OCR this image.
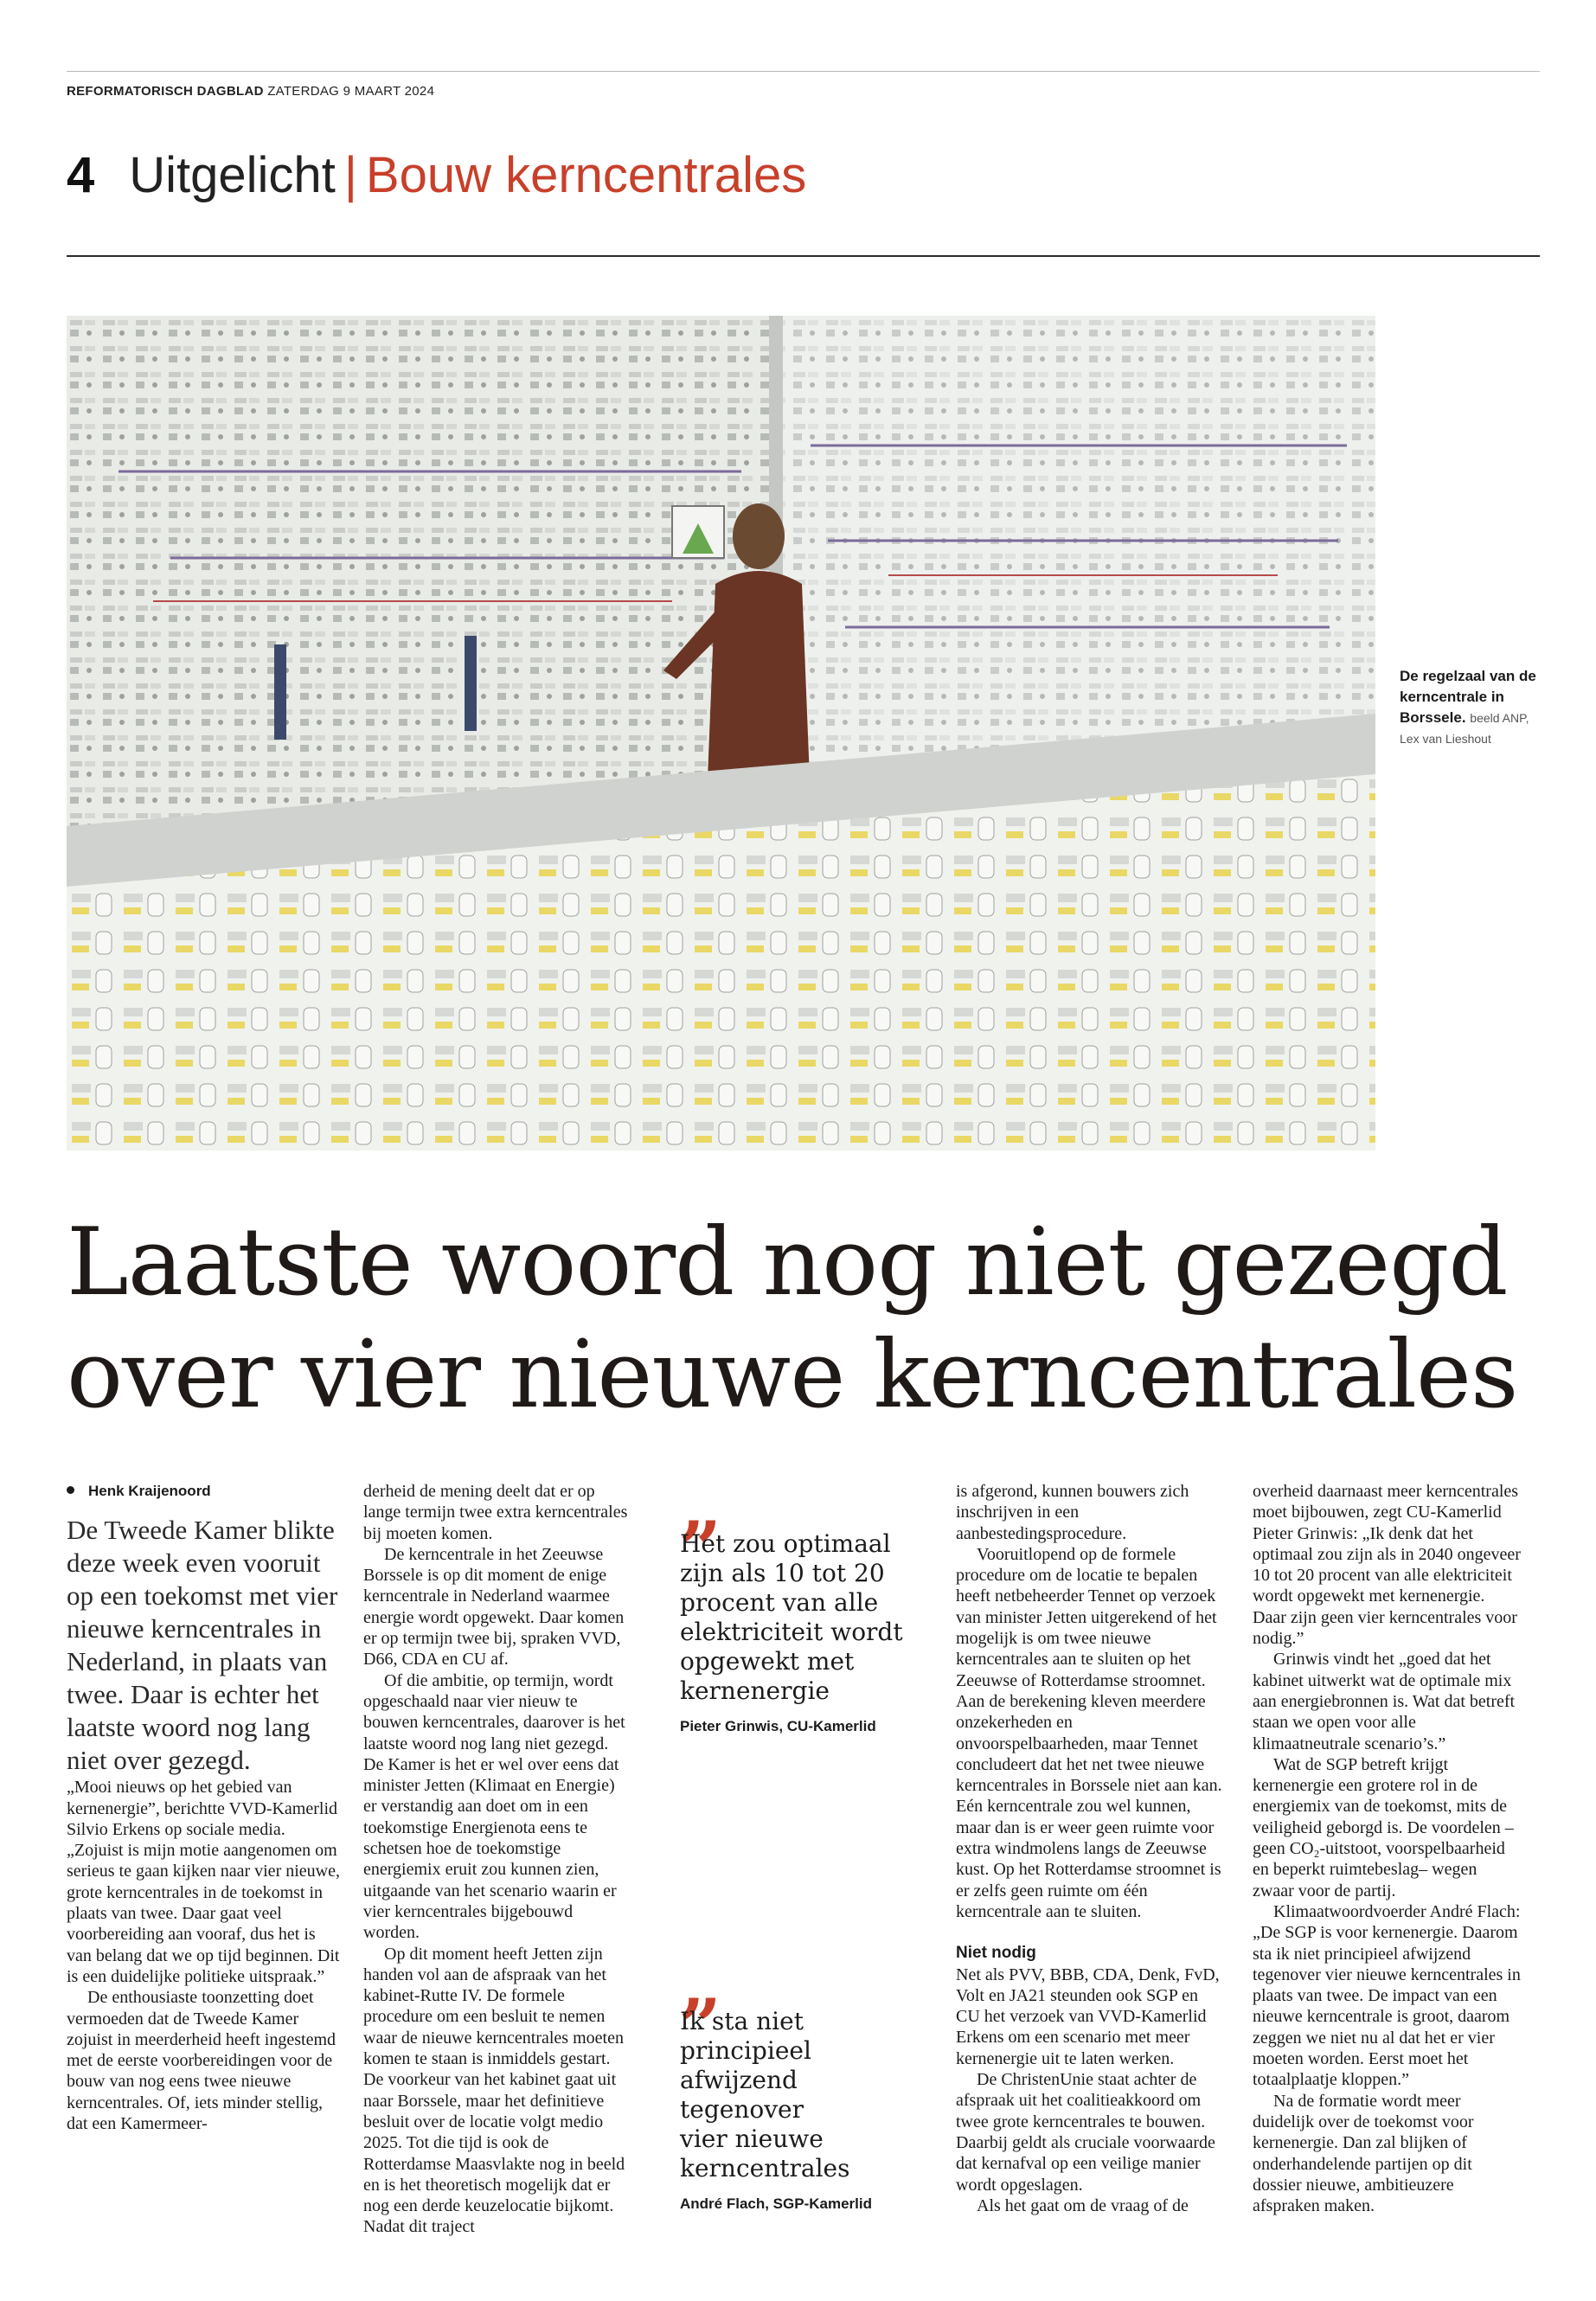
REFORMATORISCH DAGBLAD ZATERDAG 9 MAART 2024
4 Uitgelicht | Bouw kerncentrales
De regelzaal van de kerncentrale in Borssele. beeld ANP, Lex van Lieshout
Laatste woord nog niet gezegd
over vier nieuwe kerncentrales
Henk Kraijenoord

De Tweede Kamer blikte deze week even vooruit op een toekomst met vier nieuwe kerncentrales in Nederland, in plaats van twee. Daar is echter het laatste woord nog lang niet over gezegd.

„Mooi nieuws op het gebied van kernenergie”, berichtte VVD-Kamerlid Silvio Erkens op sociale media. „Zojuist is mijn motie aangenomen om serieus te gaan kijken naar vier nieuwe, grote kerncentrales in de toekomst in plaats van twee. Daar gaat veel voorbereiding aan vooraf, dus het is van belang dat we op tijd beginnen. Dit is een duidelijke politieke uitspraak.”

De enthousiaste toonzetting doet vermoeden dat de Tweede Kamer zojuist in meerderheid heeft ingestemd met de eerste voorbereidingen voor de bouw van nog eens twee nieuwe kerncentrales. Of, iets minder stellig, dat een Kamermeer-

derheid de mening deelt dat er op lange termijn twee extra kerncentrales bij moeten komen.

De kerncentrale in het Zeeuwse Borssele is op dit moment de enige kerncentrale in Nederland waarmee energie wordt opgewekt. Daar komen er op termijn twee bij, spraken VVD, D66, CDA en CU af.

Of die ambitie, op termijn, wordt opgeschaald naar vier nieuw te bouwen kerncentrales, daarover is het laatste woord nog lang niet gezegd. De Kamer is het er wel over eens dat minister Jetten (Klimaat en Energie) er verstandig aan doet om in een toekomstige Energienota eens te schetsen hoe de toekomstige energiemix eruit zou kunnen zien, uitgaande van het scenario waarin er vier kerncentrales bijgebouwd worden.

Op dit moment heeft Jetten zijn handen vol aan de afspraak van het kabinet-Rutte IV. De formele procedure om een besluit te nemen waar de nieuwe kerncentrales moeten komen te staan is inmiddels gestart. De voorkeur van het kabinet gaat uit naar Borssele, maar het definitieve besluit over de locatie volgt medio 2025. Tot die tijd is ook de Rotterdamse Maasvlakte nog in beeld en is het theoretisch mogelijk dat er nog een derde keuzelocatie bijkomt. Nadat dit traject

„
Het zou optimaal zijn als 10 tot 20 procent van alle elektriciteit wordt opgewekt met kernenergie
Pieter Grinwis, CU-Kamerlid
„
Ik sta niet principieel afwijzend tegenover vier nieuwe kerncentrales
André Flach, SGP-Kamerlid

is afgerond, kunnen bouwers zich inschrijven in een aanbestedingsprocedure.

Vooruitlopend op de formele procedure om de locatie te bepalen heeft netbeheerder Tennet op verzoek van minister Jetten uitgerekend of het mogelijk is om twee nieuwe kerncentrales aan te sluiten op het Zeeuwse of Rotterdamse stroomnet. Aan de berekening kleven meerdere onzekerheden en onvoorspelbaarheden, maar Tennet concludeert dat het net twee nieuwe kerncentrales in Borssele niet aan kan. Eén kerncentrale zou wel kunnen, maar dan is er weer geen ruimte voor extra windmolens langs de Zeeuwse kust. Op het Rotterdamse stroomnet is er zelfs geen ruimte om één kerncentrale aan te sluiten.

Niet nodig

Net als PVV, BBB, CDA, Denk, FvD, Volt en JA21 steunden ook SGP en CU het verzoek van VVD-Kamerlid Erkens om een scenario met meer kernenergie uit te laten werken.

De ChristenUnie staat achter de afspraak uit het coalitieakkoord om twee grote kerncentrales te bouwen. Daarbij geldt als cruciale voorwaarde dat kernafval op een veilige manier wordt opgeslagen.

Als het gaat om de vraag of de

overheid daarnaast meer kerncentrales moet bijbouwen, zegt CU-Kamerlid Pieter Grinwis: „Ik denk dat het optimaal zou zijn als in 2040 ongeveer 10 tot 20 procent van alle elektriciteit wordt opgewekt met kernenergie. Daar zijn geen vier kerncentrales voor nodig.”

Grinwis vindt het „goed dat het kabinet uitwerkt wat de optimale mix aan energiebronnen is. Wat dat betreft staan we open voor alle klimaatneutrale scenario’s.”

Wat de SGP betreft krijgt kernenergie een grotere rol in de energiemix van de toekomst, mits de veiligheid geborgd is. De voordelen –geen CO₂-uitstoot, voorspelbaarheid en beperkt ruimtebeslag– wegen zwaar voor de partij.

Klimaatwoordvoerder André Flach: „De SGP is voor kernenergie. Daarom sta ik niet principieel afwijzend tegenover vier nieuwe kerncentrales in plaats van twee. De impact van een nieuwe kerncentrale is groot, daarom zeggen we niet nu al dat het er vier moeten worden. Eerst moet het totaalplaatje kloppen.”

Na de formatie wordt meer duidelijk over de toekomst voor kernenergie. Dan zal blijken of onderhandelende partijen op dit dossier nieuwe, ambitieuzere afspraken maken.
